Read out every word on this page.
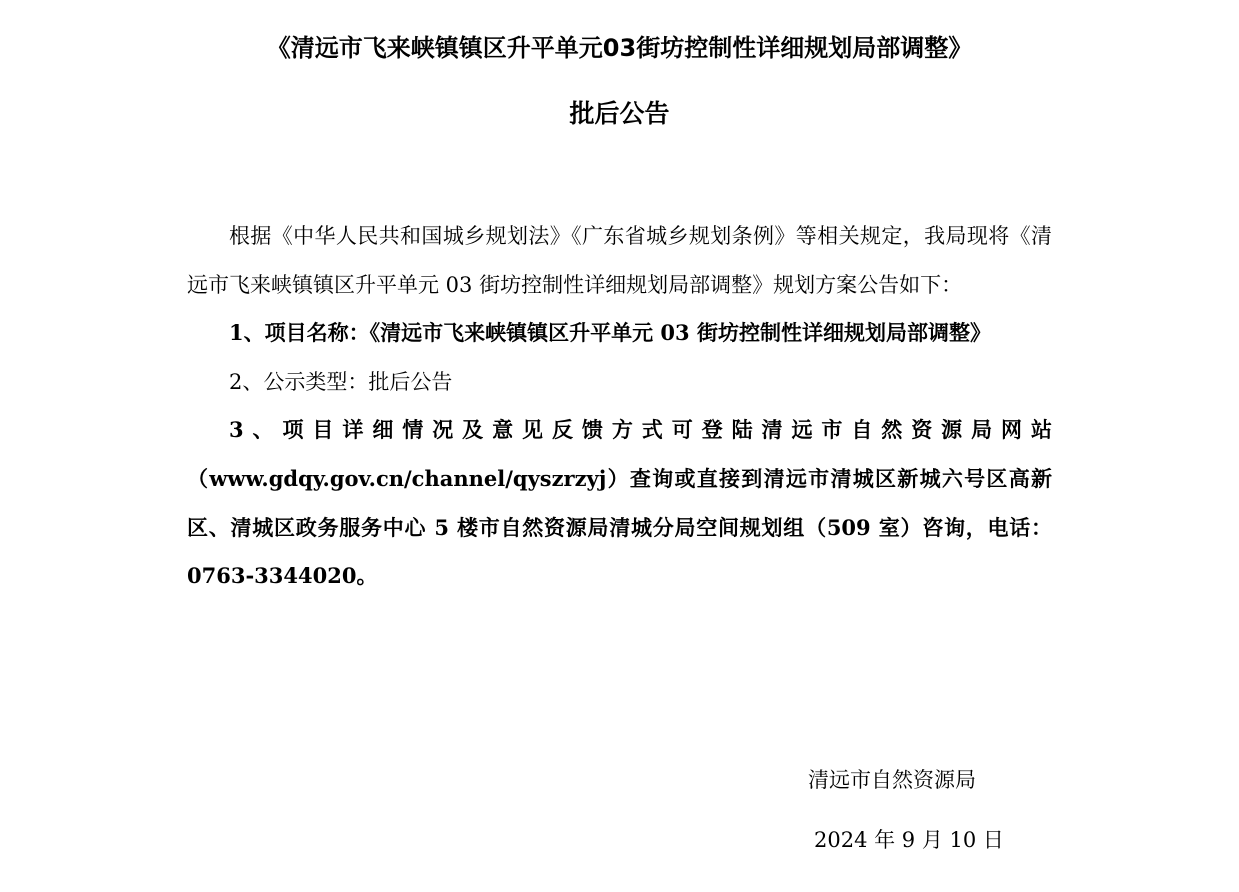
《清远市飞来峡镇镇区升平单元03街坊控制性详细规划局部调整》
批后公告

根据《中华人民共和国城乡规划法》《广东省城乡规划条例》等相关规定，我局现将《清远市飞来峡镇镇区升平单元 03 街坊控制性详细规划局部调整》规划方案公告如下：

1、项目名称：《清远市飞来峡镇镇区升平单元 03 街坊控制性详细规划局部调整》

2、公示类型：批后公告

3、项目详细情况及意见反馈方式可登陆清远市自然资源局网站（www.gdqy.gov.cn/channel/qyszrzyj）查询或直接到清远市清城区新城六号区高新区、清城区政务服务中心 5 楼市自然资源局清城分局空间规划组（509 室）咨询，电话：0763-3344020。

清远市自然资源局
2024 年 9 月 10 日
